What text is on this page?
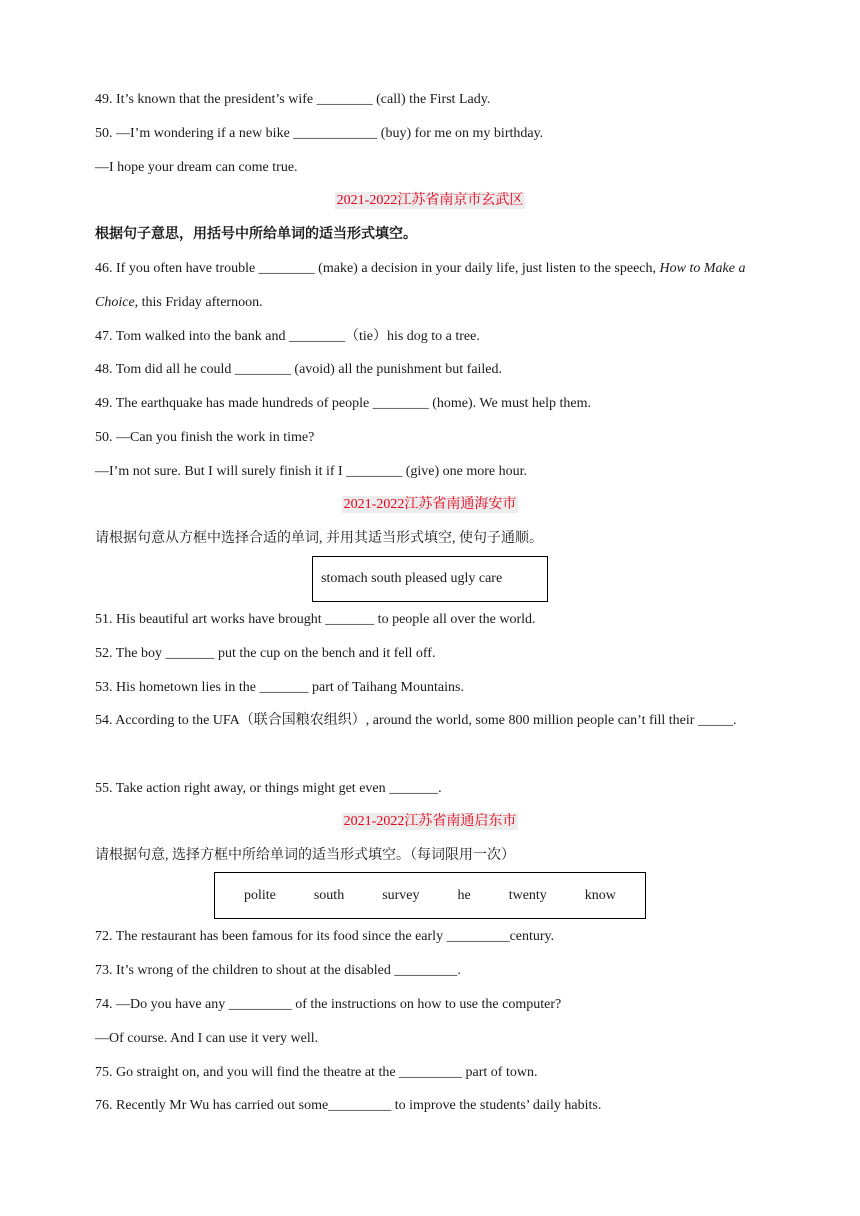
49. It’s known that the president’s wife ________ (call) the First Lady.
50. —I’m wondering if a new bike ____________ (buy) for me on my birthday.
—I hope your dream can come true.
2021-2022江苏省南京市玄武区
根据句子意思，用括号中所给单词的适当形式填空。
46. If you often have trouble ________ (make) a decision in your daily life, just listen to the speech, How to Make a Choice, this Friday afternoon.
47. Tom walked into the bank and ________（tie）his dog to a tree.
48. Tom did all he could ________ (avoid) all the punishment but failed.
49. The earthquake has made hundreds of people ________ (home). We must help them.
50. —Can you finish the work in time?
—I’m not sure. But I will surely finish it if I ________ (give) one more hour.
2021-2022江苏省南通海安市
请根据句意从方框中选择合适的单词, 并用其适当形式填空, 使句子通顺。
stomach south pleased ugly care
51. His beautiful art works have brought _______ to people all over the world.
52. The boy _______ put the cup on the bench and it fell off.
53. His hometown lies in the _______ part of Taihang Mountains.
54. According to the UFA（联合国粮农组织）, around the world, some 800 million people can’t fill their _____.
55. Take action right away, or things might get even _______.
2021-2022江苏省南通启东市
请根据句意, 选择方框中所给单词的适当形式填空。（每词限用一次）
polite	south	survey	he	twenty	know
72. The restaurant has been famous for its food since the early _________century.
73. It’s wrong of the children to shout at the disabled _________.
74. —Do you have any _________ of the instructions on how to use the computer?
—Of course. And I can use it very well.
75. Go straight on, and you will find the theatre at the _________ part of town.
76. Recently Mr Wu has carried out some_________ to improve the students’ daily habits.
